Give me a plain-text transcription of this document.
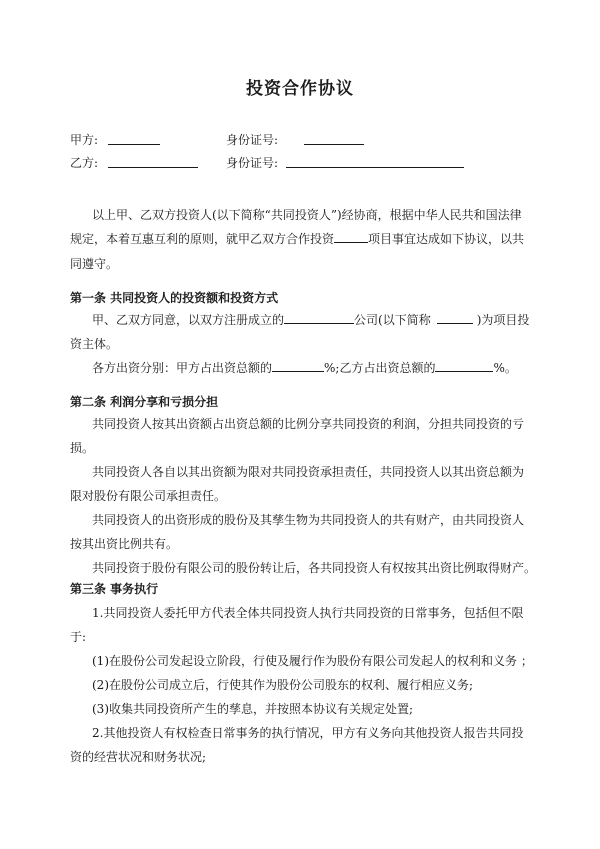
投资合作协议
甲方:	身份证号:
乙方:	身份证号:
以上甲、乙双方投资人(以下简称“共同投资人”)经协商，根据中华人民共和国法律
规定，本着互惠互利的原则，就甲乙双方合作投资	项目事宜达成如下协议，以共
同遵守。
第一条 共同投资人的投资额和投资方式
甲、乙双方同意，以双方注册成立的	公司(以下简称	)为项目投
资主体。
各方出资分别：甲方占出资总额的	%;乙方占出资总额的	%。
第二条 利润分享和亏损分担
共同投资人按其出资额占出资总额的比例分享共同投资的利润，分担共同投资的亏
损。
共同投资人各自以其出资额为限对共同投资承担责任，共同投资人以其出资总额为
限对股份有限公司承担责任。
共同投资人的出资形成的股份及其孳生物为共同投资人的共有财产，由共同投资人
按其出资比例共有。
共同投资于股份有限公司的股份转让后，各共同投资人有权按其出资比例取得财产。
第三条 事务执行
1.共同投资人委托甲方代表全体共同投资人执行共同投资的日常事务，包括但不限
于:
(1)在股份公司发起设立阶段，行使及履行作为股份有限公司发起人的权利和义务 ；
(2)在股份公司成立后，行使其作为股份公司股东的权利、履行相应义务;
(3)收集共同投资所产生的孳息，并按照本协议有关规定处置;
2.其他投资人有权检查日常事务的执行情况，甲方有义务向其他投资人报告共同投
资的经营状况和财务状况;
